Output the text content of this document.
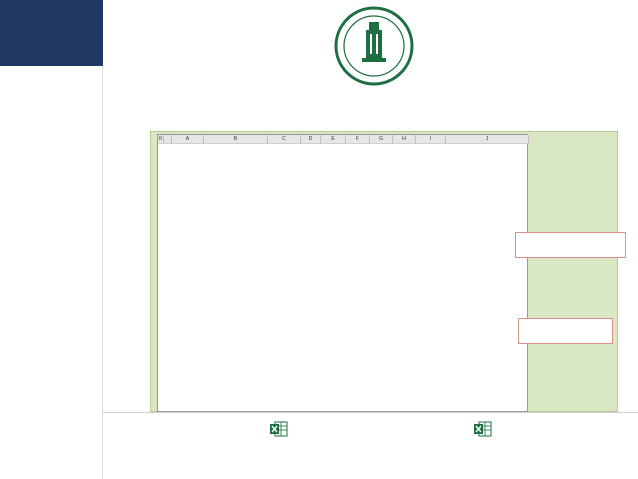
A	B	C	D	E	F	G	H	I	J
K
